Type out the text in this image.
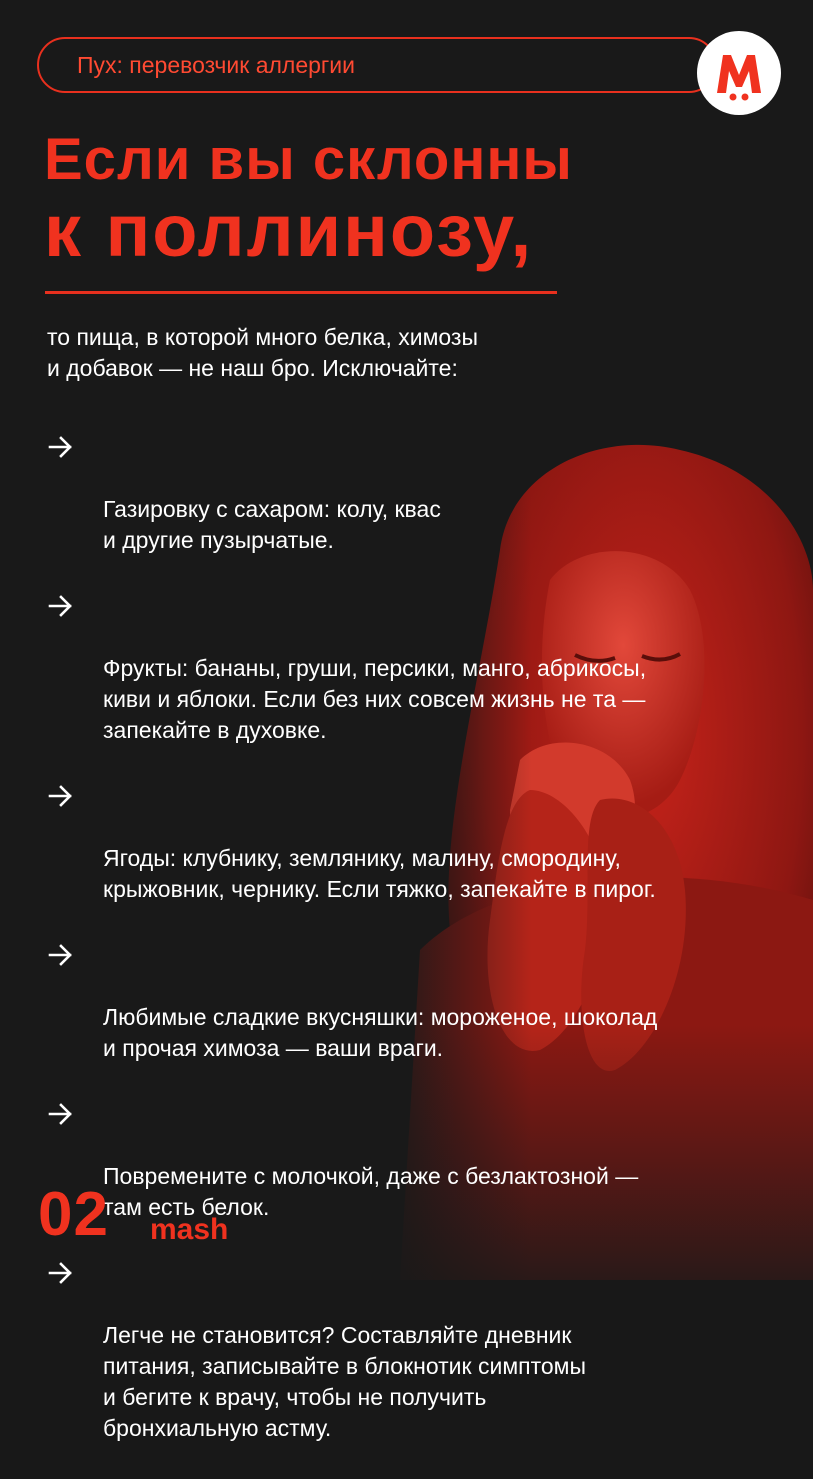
Пух: перевозчик аллергии
Если вы склонны
к поллинозу,
то пища, в которой много белка, химозы
и добавок — не наш бро. Исключайте:

Газировку с сахаром: колу, квас
и другие пузырчатые.

Фрукты: бананы, груши, персики, манго, абрикосы,
киви и яблоки. Если без них совсем жизнь не та —
запекайте в духовке.

Ягоды: клубнику, землянику, малину, смородину,
крыжовник, чернику. Если тяжко, запекайте в пирог.

Любимые сладкие вкусняшки: мороженое, шоколад
и прочая химоза — ваши враги.

Повремените с молочкой, даже с безлактозной —
там есть белок.

Легче не становится? Составляйте дневник
питания, записывайте в блокнотик симптомы
и бегите к врачу, чтобы не получить
бронхиальную астму.

02 mash
